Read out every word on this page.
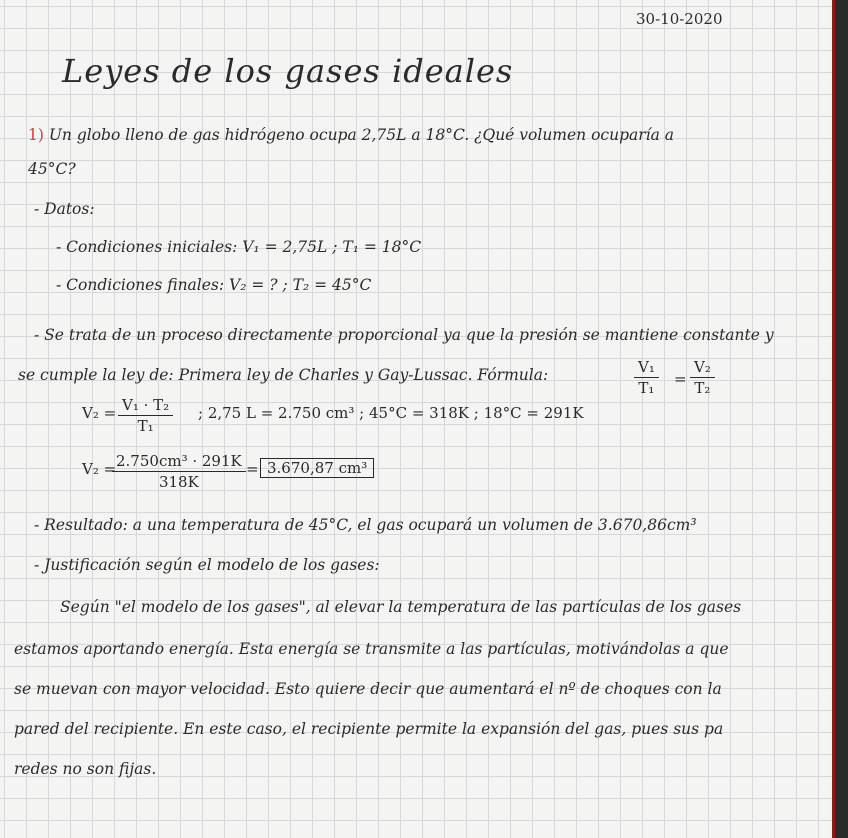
30-10-2020
Leyes de los gases ideales
1) Un globo lleno de gas hidrógeno ocupa 2,75L a 18°C. ¿Qué volumen ocuparía a
45°C?
- Datos:
- Condiciones iniciales: V₁ = 2,75L ; T₁ = 18°C
- Condiciones finales: V₂ = ? ; T₂ = 45°C
- Se trata de un proceso directamente proporcional ya que la presión se mantiene constante y
se cumple la ley de: Primera ley de Charles y Gay-Lussac. Fórmula:	$\frac{\text{V₁}}{\text{T₁}} = \frac{\text{V₂}}{\text{T₂}}$
$V_2 = \frac{\text{V₁ · T₂}}{\text{T₁}}$ ; 2,75 L = 2.750 cm³ ; 45°C = 318K ; 18°C = 291K
V₂ =
$\frac{\text{2.750cm³ · 291K}}{318K} = 3.670,87$ cm³
- Resultado: a una temperatura de 45°C, el gas ocupará un volumen de 3.670,86cm³
- Justificación según el modelo de los gases:
Según "el modelo de los gases", al elevar la temperatura de las partículas de los gases
estamos aportando energía. Esta energía se transmite a las partículas, motivándolas a que
se muevan con mayor velocidad. Esto quiere decir que aumentará el nº de choques con la
pared del recipiente. En este caso, el recipiente permite la expansión del gas, pues sus pa
redes no son fijas.
